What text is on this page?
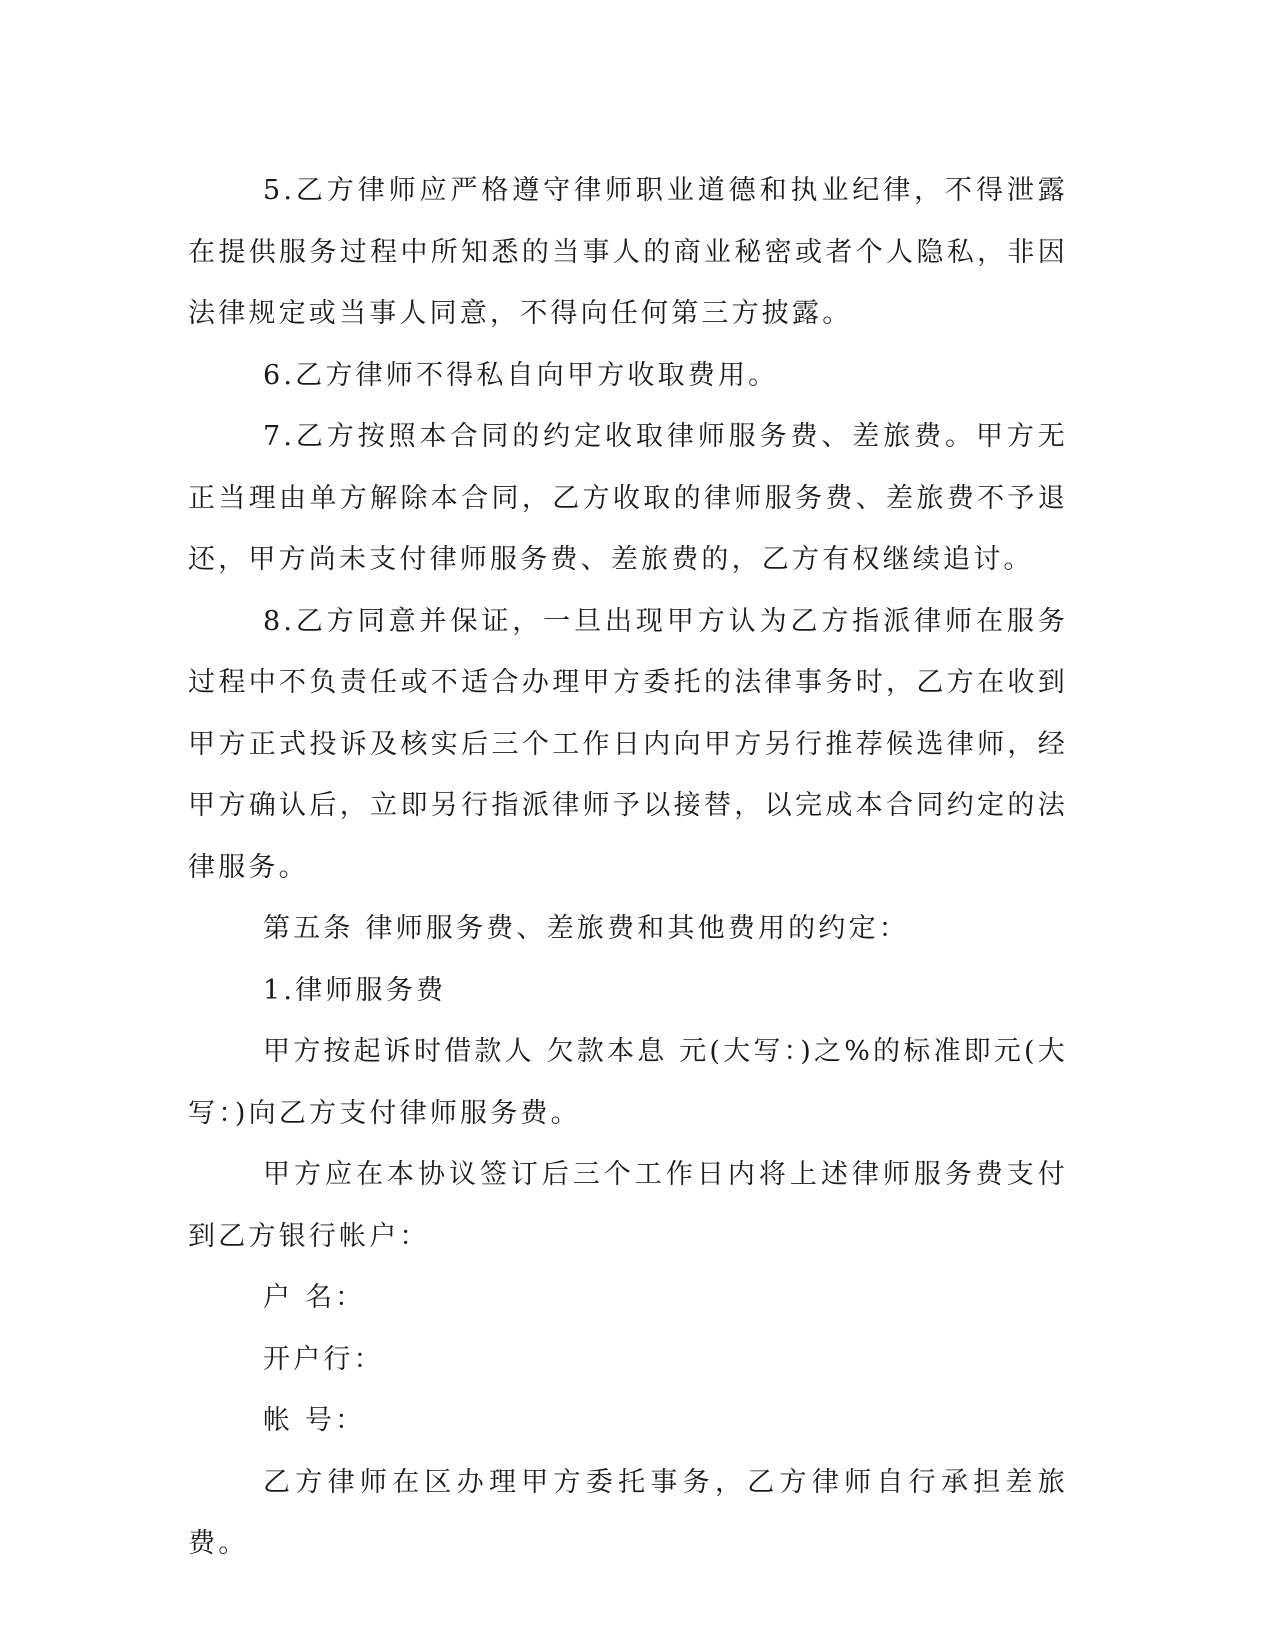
5.乙方律师应严格遵守律师职业道德和执业纪律，不得泄露在提供服务过程中所知悉的当事人的商业秘密或者个人隐私，非因法律规定或当事人同意，不得向任何第三方披露。

6.乙方律师不得私自向甲方收取费用。

7.乙方按照本合同的约定收取律师服务费、差旅费。甲方无正当理由单方解除本合同，乙方收取的律师服务费、差旅费不予退还，甲方尚未支付律师服务费、差旅费的，乙方有权继续追讨。

8.乙方同意并保证，一旦出现甲方认为乙方指派律师在服务过程中不负责任或不适合办理甲方委托的法律事务时，乙方在收到甲方正式投诉及核实后三个工作日内向甲方另行推荐候选律师，经甲方确认后，立即另行指派律师予以接替，以完成本合同约定的法律服务。

第五条 律师服务费、差旅费和其他费用的约定：

1.律师服务费

甲方按起诉时借款人 欠款本息 元(大写：)之%的标准即元(大写：)向乙方支付律师服务费。

甲方应在本协议签订后三个工作日内将上述律师服务费支付到乙方银行帐户：

户 名：

开户行：

帐 号：

乙方律师在区办理甲方委托事务，乙方律师自行承担差旅费。
